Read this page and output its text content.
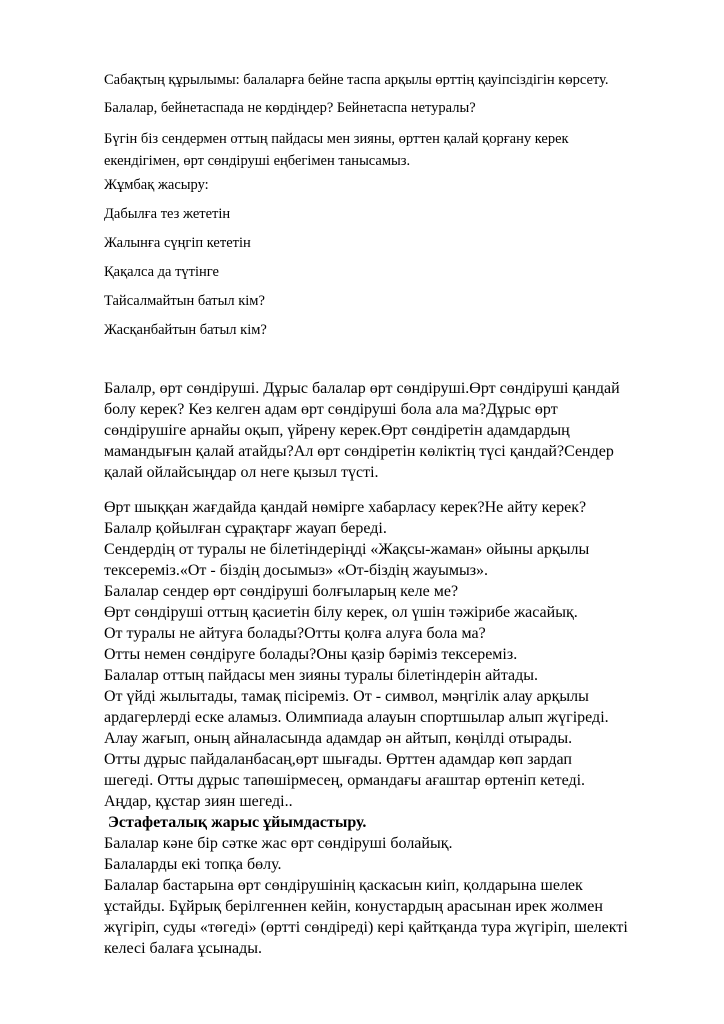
Сабақтың құрылымы: балаларға бейне таспа арқылы өрттің қауіпсіздігін көрсету.

Балалар, бейнетаспада не көрдіңдер? Бейнетаспа нетуралы?

Бүгін біз сендермен оттың пайдасы мен зияны, өрттен қалай қорғану керек
екендігімен, өрт сөндіруші еңбегімен танысамыз.

Жұмбақ жасыру:

Дабылға тез жететін

Жалынға сүңгіп кететін

Қақалса да түтінге

Тайсалмайтын батыл кім?

Жасқанбайтын батыл кім?

Балалр, өрт сөндіруші. Дұрыс балалар өрт сөндіруші.Өрт сөндіруші қандай
болу керек? Кез келген адам өрт сөндіруші бола ала ма?Дұрыс өрт
сөндірушіге арнайы оқып, үйрену керек.Өрт сөндіретін адамдардың
мамандығын қалай атайды?Ал өрт сөндіретін көліктің түсі қандай?Сендер
қалай ойлайсыңдар ол неге қызыл түсті.

Өрт шыққан жағдайда қандай нөмірге хабарласу керек?Не айту керек?
Балалр қойылған сұрақтарғ жауап береді.
Сендердің от туралы не білетіндеріңді «Жақсы-жаман» ойыны арқылы
тексереміз.«От - біздің досымыз» «От-біздің жауымыз».
Балалар сендер өрт сөндіруші болғыларың келе ме?
Өрт сөндіруші оттың қасиетін білу керек, ол үшін тәжірибе жасайық.
От туралы не айтуға болады?Отты қолға алуға бола ма?
Отты немен сөндіруге болады?Оны қазір бәріміз тексереміз.
Балалар оттың пайдасы мен зияны туралы білетіндерін айтады.
От үйді жылытады, тамақ пісіреміз. От - символ, мәңгілік алау арқылы
ардагерлерді еске аламыз. Олимпиада алауын спортшылар алып жүгіреді.
Алау жағып, оның айналасында адамдар ән айтып, көңілді отырады.
Отты дұрыс пайдаланбасаң,өрт шығады. Өрттен адамдар көп зардап
шегеді. Отты дұрыс тапөшірмесең, ормандағы ағаштар өртеніп кетеді.
Аңдар, құстар зиян шегеді..
Эстафеталық жарыс ұйымдастыру.
Балалар кәне бір сәтке жас өрт сөндіруші болайық.
Балаларды екі топқа бөлу.
Балалар бастарына өрт сөндірушінің қаскасын киіп, қолдарына шелек
ұстайды. Бұйрық берілгеннен кейін, конустардың арасынан ирек жолмен
жүгіріп, суды «төгеді» (өртті сөндіреді) кері қайтқанда тура жүгіріп, шелекті
келесі балаға ұсынады.
